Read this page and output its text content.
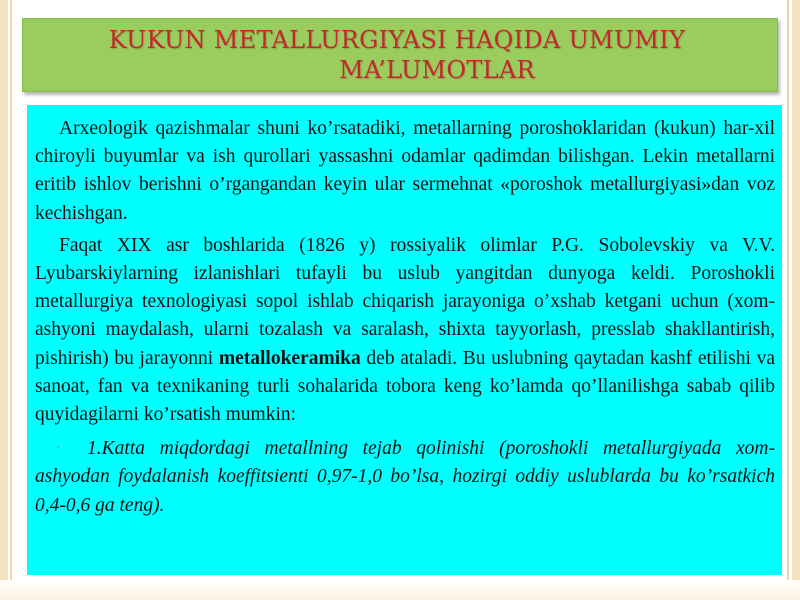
KUKUN METALLURGIYASI HAQIDA UMUMIY
MA’LUMOTLAR

Arxeologik qazishmalar shuni ko’rsatadiki, metallarning poroshoklaridan (kukun) har-xil chiroyli buyumlar va ish qurollari yassashni odamlar qadimdan bilishgan. Lekin metallarni eritib ishlov berishni o’rgangandan keyin ular sermehnat «poroshok metallurgiyasi»dan voz kechishgan.

Faqat XIX asr boshlarida (1826 y) rossiyalik olimlar P.G. Sobolevskiy va V.V. Lyubarskiylarning izlanishlari tufayli bu uslub yangitdan dunyoga keldi. Poroshokli metallurgiya texnologiyasi sopol ishlab chiqarish jarayoniga o’xshab ketgani uchun (xom-ashyoni maydalash, ularni tozalash va saralash, shixta tayyorlash, presslab shakllantirish, pishirish) bu jarayonni metallokeramika deb ataladi. Bu uslubning qaytadan kashf etilishi va sanoat, fan va texnikaning turli sohalarida tobora keng ko’lamda qo’llanilishga sabab qilib quyidagilarni ko’rsatish mumkin:

• 1.Katta miqdordagi metallning tejab qolinishi (poroshokli metallurgiyada xom-ashyodan foydalanish koeffitsienti 0,97-1,0 bo’lsa, hozirgi oddiy uslublarda bu ko’rsatkich 0,4-0,6 ga teng).
